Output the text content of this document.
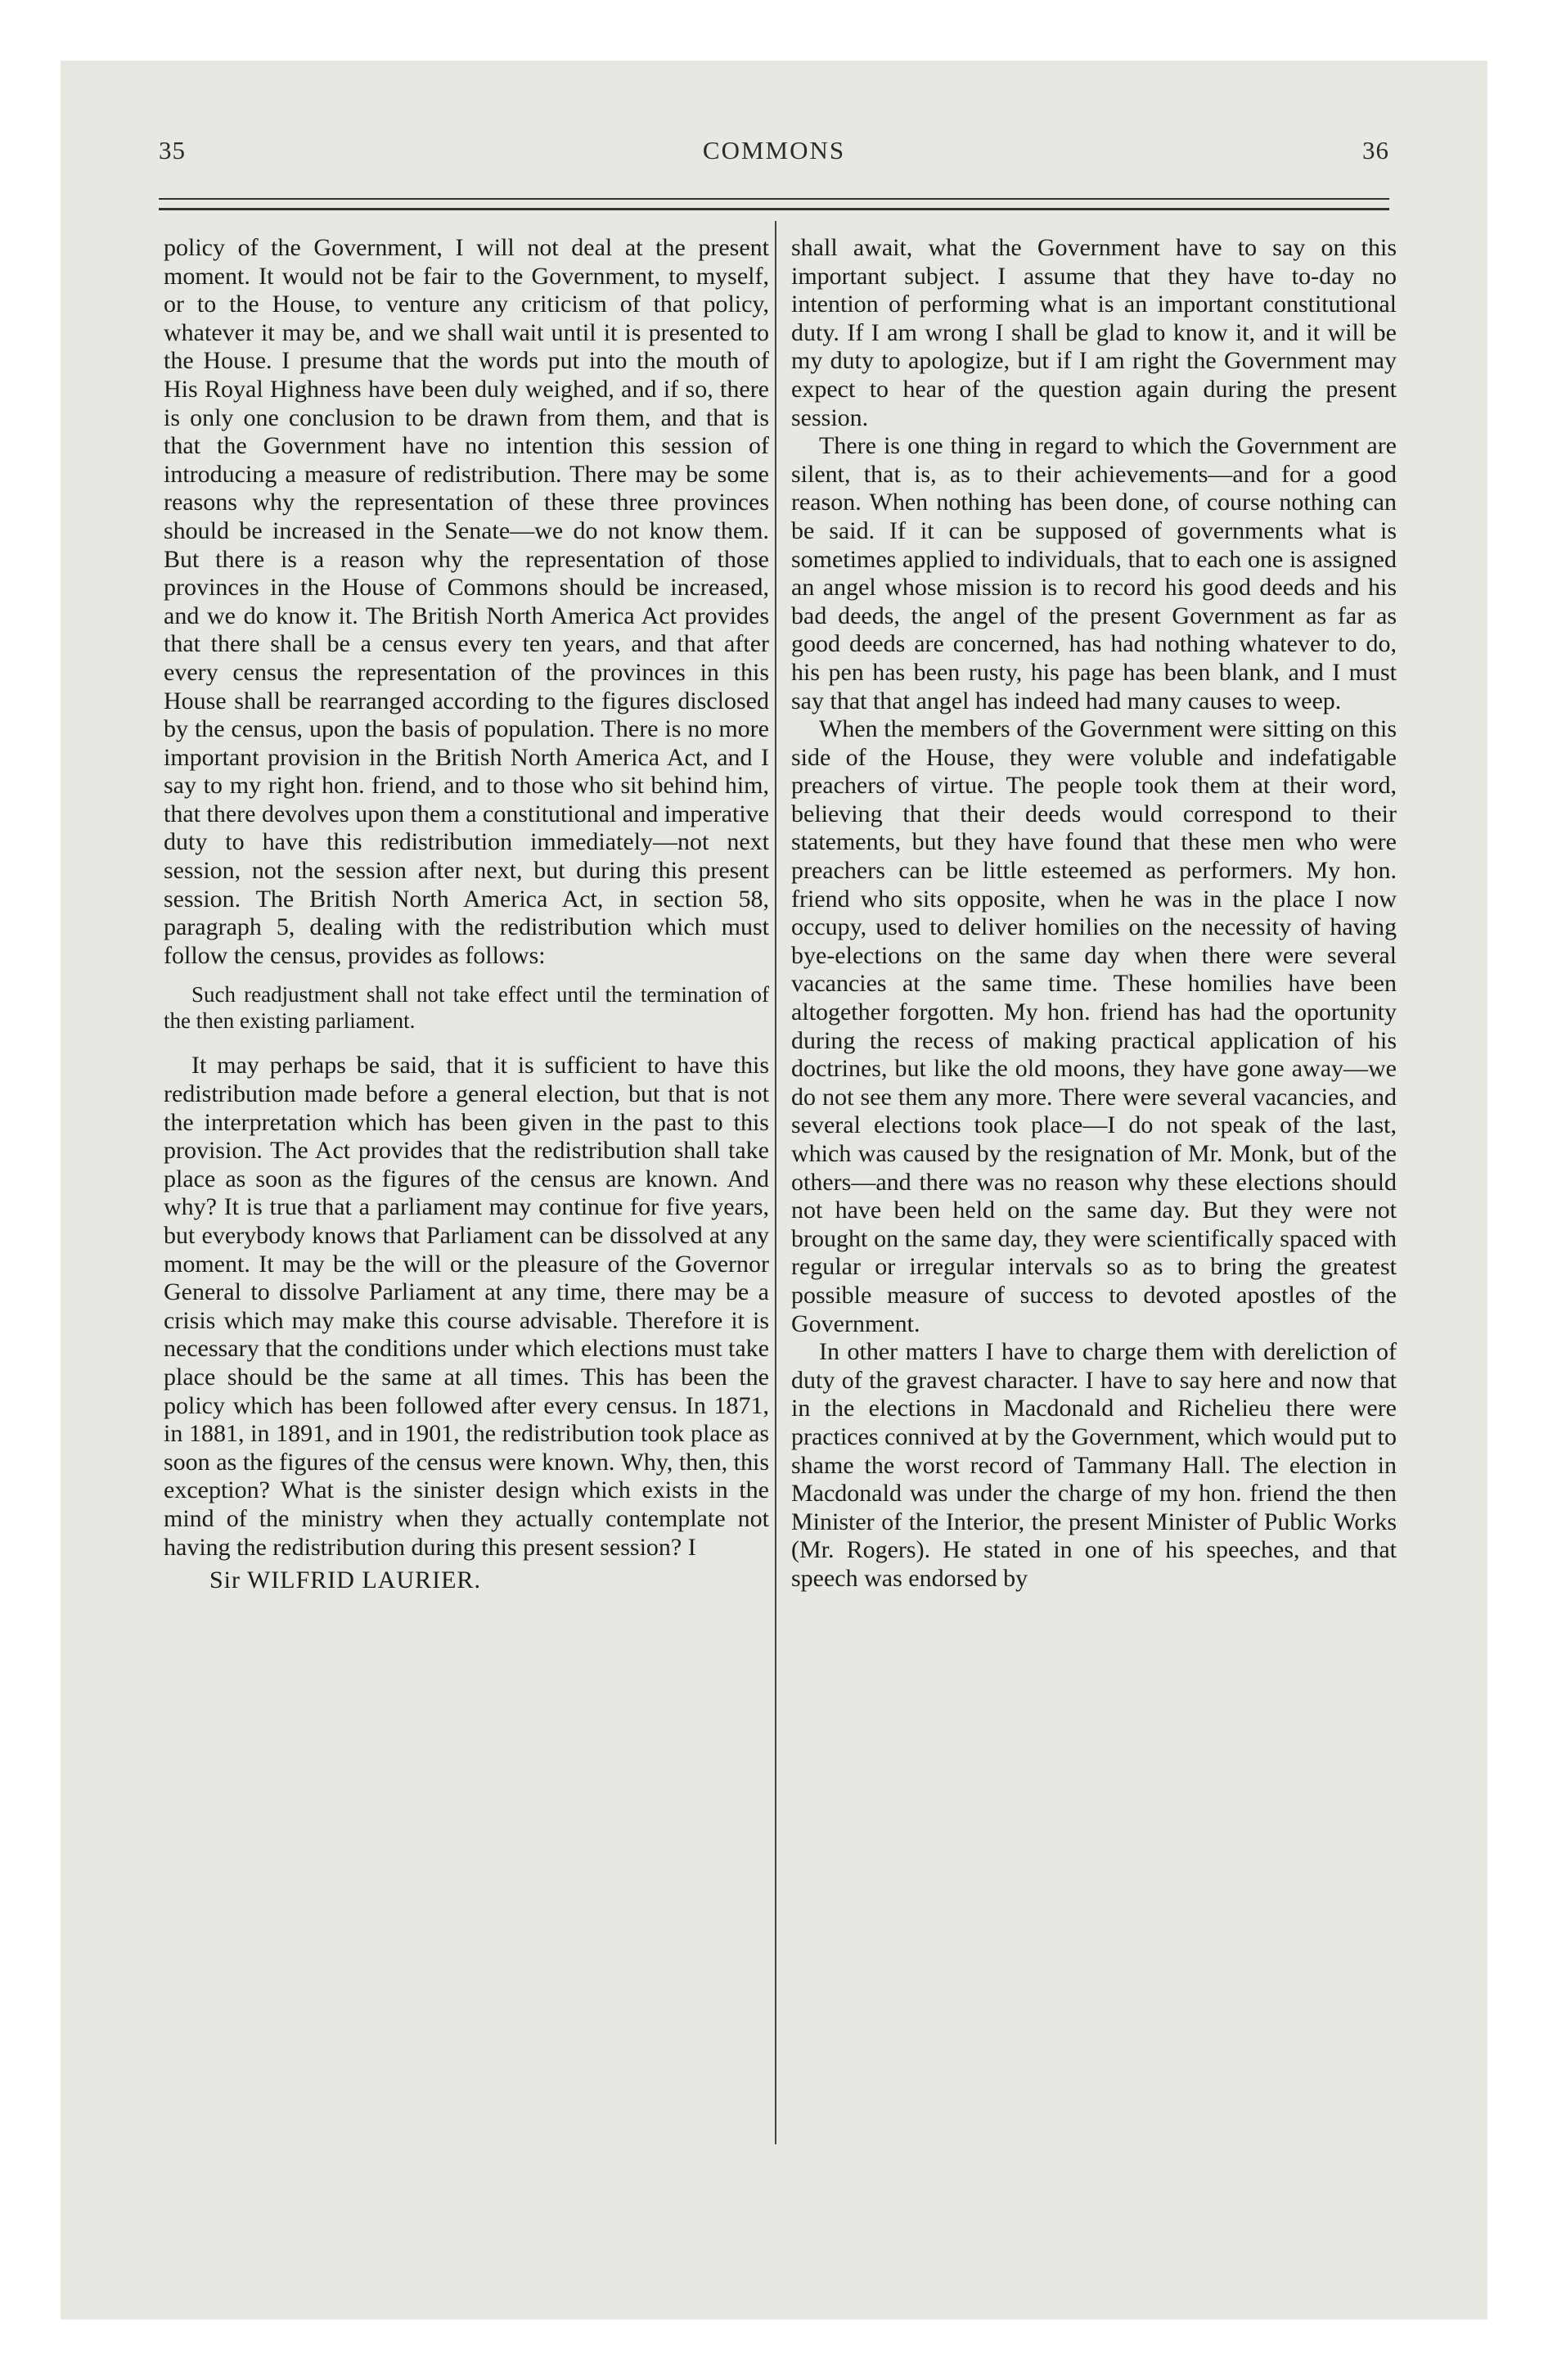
35	COMMONS	36

policy of the Government, I will not deal at the present moment. It would not be fair to the Government, to myself, or to the House, to venture any criticism of that policy, whatever it may be, and we shall wait until it is presented to the House. I presume that the words put into the mouth of His Royal Highness have been duly weighed, and if so, there is only one conclusion to be drawn from them, and that is that the Government have no intention this session of introducing a measure of redistribution. There may be some reasons why the representation of these three provinces should be increased in the Senate—we do not know them. But there is a reason why the representation of those provinces in the House of Commons should be increased, and we do know it. The British North America Act provides that there shall be a census every ten years, and that after every census the representation of the provinces in this House shall be rearranged according to the figures disclosed by the census, upon the basis of population. There is no more important provision in the British North America Act, and I say to my right hon. friend, and to those who sit behind him, that there devolves upon them a constitutional and imperative duty to have this redistribution immediately—not next session, not the session after next, but during this present session. The British North America Act, in section 58, paragraph 5, dealing with the redistribution which must follow the census, provides as follows:

Such readjustment shall not take effect until the termination of the then existing parliament.

It may perhaps be said, that it is sufficient to have this redistribution made before a general election, but that is not the interpretation which has been given in the past to this provision. The Act provides that the redistribution shall take place as soon as the figures of the census are known. And why? It is true that a parliament may continue for five years, but everybody knows that Parliament can be dissolved at any moment. It may be the will or the pleasure of the Governor General to dissolve Parliament at any time, there may be a crisis which may make this course advisable. Therefore it is necessary that the conditions under which elections must take place should be the same at all times. This has been the policy which has been followed after every census. In 1871, in 1881, in 1891, and in 1901, the redistribution took place as soon as the figures of the census were known. Why, then, this exception? What is the sinister design which exists in the mind of the ministry when they actually contemplate not having the redistribution during this present session? I

Sir WILFRID LAURIER.

shall await, what the Government have to say on this important subject. I assume that they have to-day no intention of performing what is an important constitutional duty. If I am wrong I shall be glad to know it, and it will be my duty to apologize, but if I am right the Government may expect to hear of the question again during the present session.

There is one thing in regard to which the Government are silent, that is, as to their achievements—and for a good reason. When nothing has been done, of course nothing can be said. If it can be supposed of governments what is sometimes applied to individuals, that to each one is assigned an angel whose mission is to record his good deeds and his bad deeds, the angel of the present Government as far as good deeds are concerned, has had nothing whatever to do, his pen has been rusty, his page has been blank, and I must say that that angel has indeed had many causes to weep.

When the members of the Government were sitting on this side of the House, they were voluble and indefatigable preachers of virtue. The people took them at their word, believing that their deeds would correspond to their statements, but they have found that these men who were preachers can be little esteemed as performers. My hon. friend who sits opposite, when he was in the place I now occupy, used to deliver homilies on the necessity of having bye-elections on the same day when there were several vacancies at the same time. These homilies have been altogether forgotten. My hon. friend has had the oportunity during the recess of making practical application of his doctrines, but like the old moons, they have gone away—we do not see them any more. There were several vacancies, and several elections took place—I do not speak of the last, which was caused by the resignation of Mr. Monk, but of the others—and there was no reason why these elections should not have been held on the same day. But they were not brought on the same day, they were scientifically spaced with regular or irregular intervals so as to bring the greatest possible measure of success to devoted apostles of the Government.

In other matters I have to charge them with dereliction of duty of the gravest character. I have to say here and now that in the elections in Macdonald and Richelieu there were practices connived at by the Government, which would put to shame the worst record of Tammany Hall. The election in Macdonald was under the charge of my hon. friend the then Minister of the Interior, the present Minister of Public Works (Mr. Rogers). He stated in one of his speeches, and that speech was endorsed by
